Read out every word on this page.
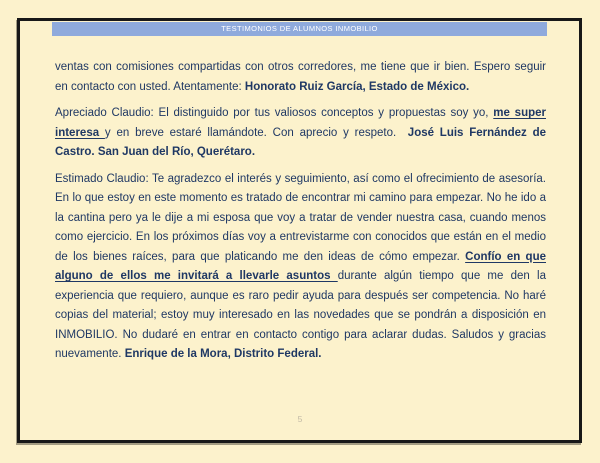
TESTIMONIOS DE ALUMNOS INMOBILIO

ventas con comisiones compartidas con otros corredores, me tiene que ir bien. Espero seguir en contacto con usted. Atentamente: Honorato Ruiz García, Estado de México.

Apreciado Claudio: El distinguido por tus valiosos conceptos y propuestas soy yo, me super interesa y en breve estaré llamándote. Con aprecio y respeto.  José Luis Fernández de Castro. San Juan del Río, Querétaro.

Estimado Claudio: Te agradezco el interés y seguimiento, así como el ofrecimiento de asesoría. En lo que estoy en este momento es tratado de encontrar mi camino para empezar. No he ido a la cantina pero ya le dije a mi esposa que voy a tratar de vender nuestra casa, cuando menos como ejercicio. En los próximos días voy a entrevistarme con conocidos que están en el medio de los bienes raíces, para que platicando me den ideas de cómo empezar. Confío en que alguno de ellos me invitará a llevarle asuntos durante algún tiempo que me den la experiencia que requiero, aunque es raro pedir ayuda para después ser competencia. No haré copias del material; estoy muy interesado en las novedades que se pondrán a disposición en INMOBILIO. No dudaré en entrar en contacto contigo para aclarar dudas. Saludos y gracias nuevamente. Enrique de la Mora, Distrito Federal.

5
